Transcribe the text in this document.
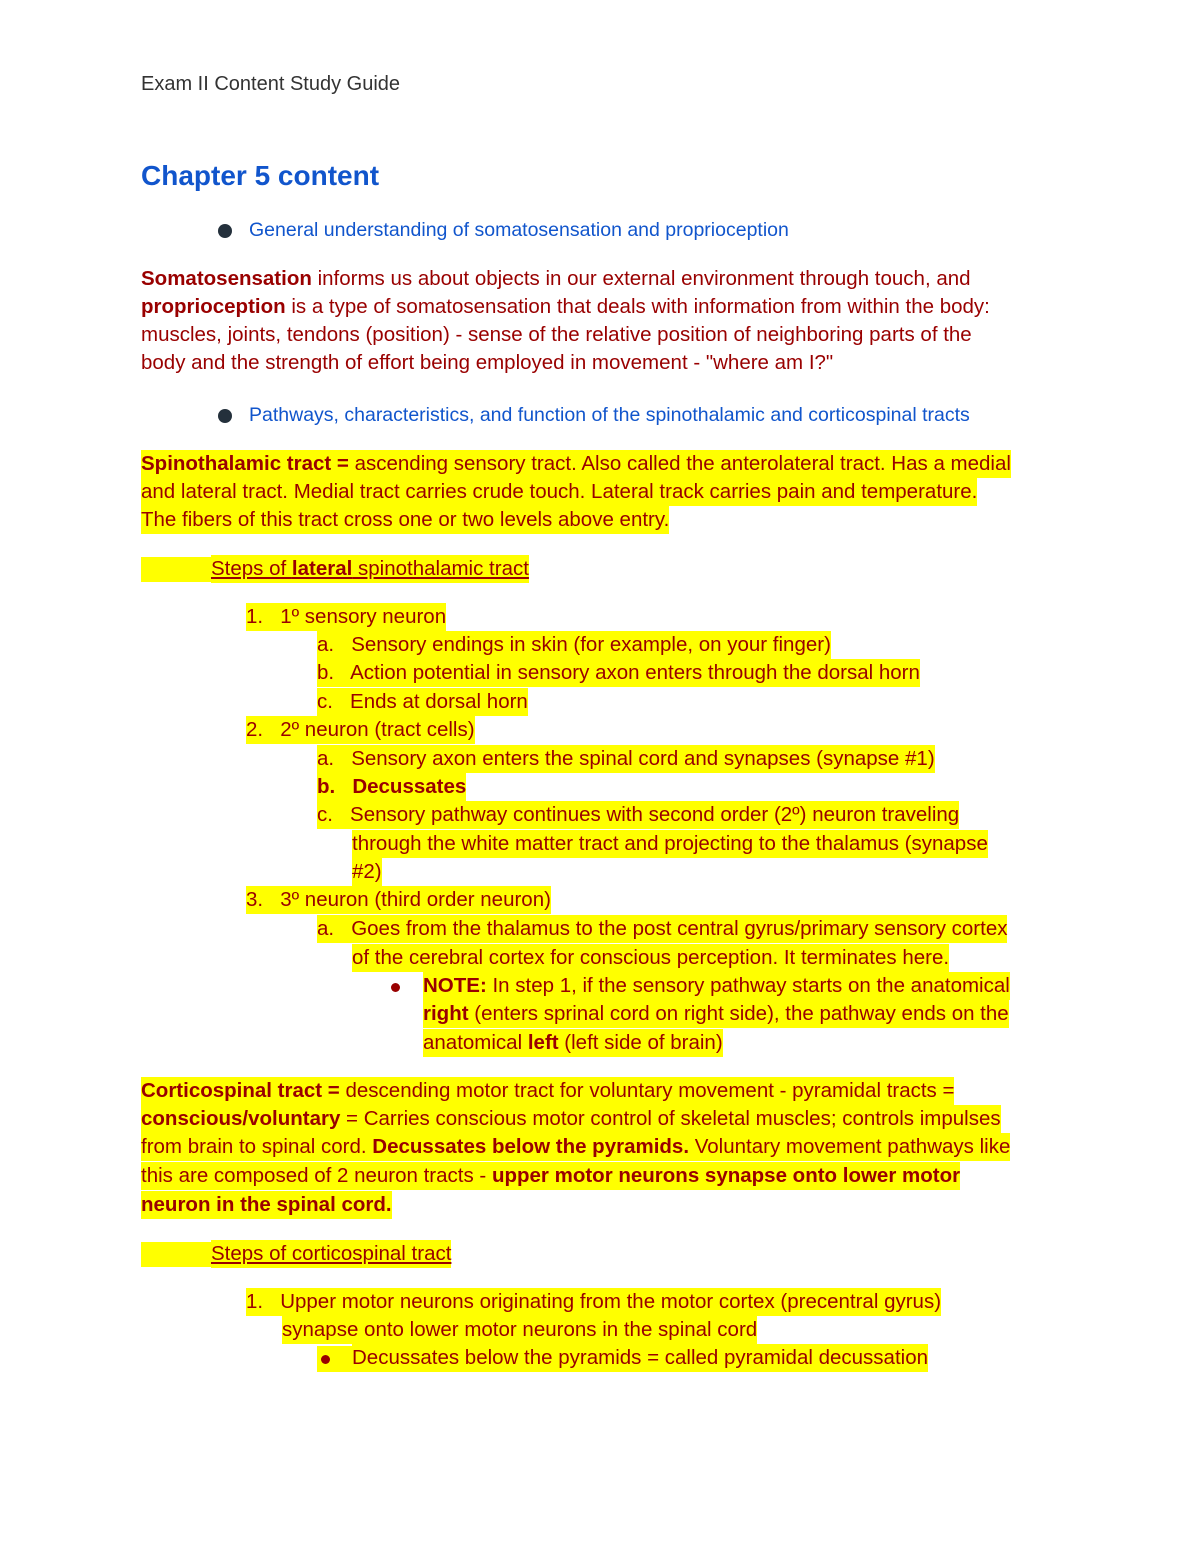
Exam II Content Study Guide
Chapter 5 content
General understanding of somatosensation and proprioception
Somatosensation informs us about objects in our external environment through touch, and
proprioception is a type of somatosensation that deals with information from within the body:
muscles, joints, tendons (position) - sense of the relative position of neighboring parts of the
body and the strength of effort being employed in movement - "where am I?"
Pathways, characteristics, and function of the spinothalamic and corticospinal tracts
Spinothalamic tract = ascending sensory tract. Also called the anterolateral tract. Has a medial
and lateral tract. Medial tract carries crude touch. Lateral track carries pain and temperature.
The fibers of this tract cross one or two levels above entry.
Steps of lateral spinothalamic tract
1. 1º sensory neuron
a. Sensory endings in skin (for example, on your finger)
b. Action potential in sensory axon enters through the dorsal horn
c. Ends at dorsal horn
2. 2º neuron (tract cells)
a. Sensory axon enters the spinal cord and synapses (synapse #1)
b. Decussates
c. Sensory pathway continues with second order (2º) neuron traveling
through the white matter tract and projecting to the thalamus (synapse
#2)
3. 3º neuron (third order neuron)
a. Goes from the thalamus to the post central gyrus/primary sensory cortex
of the cerebral cortex for conscious perception. It terminates here.
NOTE: In step 1, if the sensory pathway starts on the anatomical
right (enters sprinal cord on right side), the pathway ends on the
anatomical left (left side of brain)
Corticospinal tract = descending motor tract for voluntary movement - pyramidal tracts =
conscious/voluntary = Carries conscious motor control of skeletal muscles; controls impulses
from brain to spinal cord. Decussates below the pyramids. Voluntary movement pathways like
this are composed of 2 neuron tracts - upper motor neurons synapse onto lower motor
neuron in the spinal cord.
Steps of corticospinal tract
1. Upper motor neurons originating from the motor cortex (precentral gyrus)
synapse onto lower motor neurons in the spinal cord
Decussates below the pyramids = called pyramidal decussation
